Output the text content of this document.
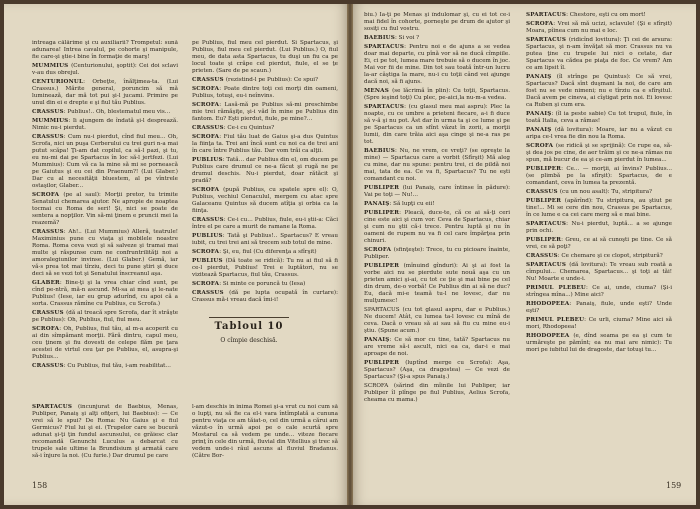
intreaga călărime şi cu auxiliarii? Trompetul: sună adunarea! Intrea cavalul, pe cohorte şi manipule, fie care-şi ştie-i bine în formaţie de marş!

MUMMIUS (Centurionului, şoptit): Cei doi sclavi v-au dus obrejul.

CENTURIONUL: Orbeţte, înălţimea-ta. (Lui Crassus.) Mărite general, poruncim să mă luminează, dar mă tot pui şi-l jucami. Primire pe unul din ei e drepte e şi fiul tău Publius.

CRASSUS: Publius!.. Oh, blestematul meu vis…

MUMMIUS: Ii ajungem de îndată şi-l desprează. Nimic nu-i pierdut.

CRASSUS: Cum nu-i pierdut, cînd fiul meu… Oh, Scrofa, nici un puşa Cerberului cu trei guri n-a mai putut scăpa! Ţi-am dat copilul, ca să-l pazi, şi tu, eu nu-mi dai pe Spartacus în loc să-l jertfezi. (Lui Mummius): Cum vă ca la mine să mi se pornească pe Gaiutus şi eu cei din Praenum?! (Lui Glaber.) Dar cu al necesităţii bluestem, al pe vîntrele ostaşilor, Glaber...

SCROFA (pe al saul): Morţii pretor, tu trimite Senatului chemarea ajutor. Ne apropie de noaptea tocmai cu Roma de seri! Şi, nici se poate de sentera a nopţilor. Vin să-mi ţinem e pruncii mei la reazemă?

CRASSUS: Ah!.. (Lui Mummius) Alleră, teatrule! Maximinius pune cu viaţa şi mobilele noastre Roma. Roma ceva vezi şi să salveze şi tramai mai multe şi răspunse cum ne confruntrilităţi noi a amoralegiunilor invinse. (Lui Glaber.) Gemă, iar vă-s prea tot mai tîrziu, deci tu pune ştiri şi duce deci să se vezi tot şi Senatului înscreanul aşa.

GLABER: Bine-ţi şi la vrea chiar cînd sunt, pe cînd pe-ntră, mă-n ascund. Mi-sa ai mea şi le-nate Publius! (Iese, iar eu grup adurînd, cu apoi că a sorta. Crassus rămîne cu Publius, cu Scrofa.)

CRASSUS (dă al treacă spre Scrofa, dar ît străşte pe Publius): Oh, Publius, fiul, fiul meu.

SCROFA: Oh, Publius, fiul tău, al m-a acoperit cu ai din sîmpămant morţii. Fără dintru, capul meu, ceu ţinem şi fiu dovesti de celepe flăm pe ţara acestei de virtul ceu ţar pe Publius, el, asupra-şi Publius…

CRASSUS: Cu Publius, fiul tău, i-am reabilitat…

pe Publius, fiul meu cel pierdut. Si Spartacus, şi Publius, fiul meu cel pierdut. (Lui Publius.) O, fiul meu, de data asta Spartacus, tu duşi un fiu ca pe locul toate şi crăpe cel pierdut, fiule, el se ţe prieten. (Sare de pe scaun.)

CRASSUS (rezistind-l pe Publius): Ce spui?

SCROFA: Poate dintre toţi cei morţi din oameni, Publius, totuşi, eu-i neînvins.

SCROFA: Lasă-mă pe Publius să-mi preschimbe mie trei rămăşiţe, şi-i văd în mine pe Publius din fantom. Eu? Eşti pierdut, fiule, pe mine?…

CRASSUS: Ce-i cu Quintus?

SCROFA: Fiul tău luat de Gaius şi-a dus Quintus la fiinţa ta. Trei ani încă sunt cu noi ca de trei ani în care între Publius tău. Dar vom trăi ca alţii.

PUBLIUS: Tată… dar Publius din el, om ducem pe Publius care drumul ce ne-a făcut şi rugă ne pe drumul deschis. Nu-i pierdut, doar rătăcit şi pradă?

SCROFA (pupă Publius, cu spatele spre el): O, Publius, vechiul Cenaculul, mergem cu atac spre Galaceanu Quintus să ducem atîţia şi orbia ca la fiinţa.

CRASSUS: Ce-i cu… Publius, fiule, eu-i ştii-a: Căci între el pe care a murit de ramane la Roma.

PUBLIUS: Tată şi Publius!.. Spartacus? E vreau iubit, cu trei trei ani să trecem sub totul de mine.

SCROFA: Şi, eu, fiul (Cu diferenţa a sfîrşit)

PUBLIUS (Dă toate se ridică): Tu nu ai fiul să fi ce-l pierdut, Publius! Trei e luptători, nu se vizitează Spartacus, fiul tău, Crassus.

SCROFA: Si minte ce poruncă tu (Iesa)

CRASSUS (dă pe lupta ocupată în curtare): Crassus mă-i vreau dacă îmi-i!

Tabloul 10
O cîmpie deschisă.

SPARTACUS (încunjurat de Baebius, Menas, Publiper, Panaiş şi alţi ofiţeri, lui Baebius): — Ce vrei să le spui? De Roma: Nu Gaius şi e fiul Germicus? Fiul lui şi ei. (Trupelor care se bucură adunat şi-ţi ţin fundul ascunsului, ce grăiesc clar recomandă Genunchi Luculus a debarcat cu trupele sale ultime la Brundisium şi armată care să-i înjure la noi. (Cu furie.) Dar drumul pe care

l-am deschis în inima Romei şi-a vrut cu noi cum să o lupţi, nu să fie ca el-i vara întîmplată a cununa pentru viaţa ce am tăiat-o, cel din urmă a cărui am văzut-o în urmă apoi pe o cale scurtă spre Mostarul ca să vedem pe unde... viteze fiecare prinţ în cele din urmă, fluvial din Vitellius şi trec să vedem unde-i râul ascuns al fluviul Bradanus. (Către Bor-

158

biu.) Ia-ţi pe Menas şi îndulomar şi, cu ei tot ce-i mai fidel în cohorte, porneşte pe drum de ajutor şi sosiţi cu fiul vostru.

BAEBIUS: Si voi ?

SPARTACUS: Pentru noi e de ajuns a se vedea doar mai departe, cu pînă vor să ne ducă cîmpiile. Ei, ci pe tot, lumea mare trebuie să o ducem în joc. Mai vor fii de mine. Din tot sau toată într-un lucru la-ar câştiga la mare, nu-i cu toţii când vei ajunge dacă noi, să fi ajuns.

MENAS (se lăcrimă în plin): Cu toţii, Spartacus. (Spre ieşind toţi) Cu plec, pe-aici,la nu-m-a vedea.

SPARTACUS: (cu glasul meu mai aspru): Plec la noapte, cu ce umbre a prieteni fiecare, a-i fi duce să v-ă şi nu pot. Ăst dar în urma ta şi ce lume şi pe pe Spartacus ca un sfînt văzut în zorii, a morţii lumii, din care trăia aici aşa cinge şi ne-a ras pe tot.

BAEBIUS: Nu, ne vrem, ce vreţi? (se opreşte la mine) — Spartacus care a vorbit (Sfîrşit) Mă aleg cu mine, dar nu spune: pentru trei, ci de pildă noi mai, tata de ea. Ce va fi, Spartacus? Tu ne eşti comandant cu noi.

PUBLIPER (lui Panaiş, care întinse în pădure): Vai pe toţi — Nu!...

PANAIŞ: Să lupţi cu eii!

PUBLIPER: Pleacă, duce-te, că ce ai să-ţi ceri cine este aici şi cum vor. Ceva de Spartacus, chiar şi cum nu ştii că-i trece. Pentru luptă şi nu în oameni de rupem nu va fi cel care împărţea prin chinuri.

SCROFA (sfinţeşte): Trece, tu cu picioare înainte, Publiper.

PUBLIPER (mînuind gînduri): Ai şi ai fost la vorbe aici nu se pierdute sute nouă aşa cu un prieten amici şi-ai, cu tot ce ţie şi mai bine pe cel din drum, de-o vorbă! Ce Publius din ai să ne duc? Eu, dacă mi-e teamă tu-l ne lovesc, dar nu mulţumesc!

SPARTACUS (cu tot glasul aspru, dar e Publius.) Ne ducem! Atât, cu lumea ta-l lovesc cu mînă de ceva. Dacă o vreau să ai sau să fiu cu mine eu-i ştiu. (Spune acum.)

PANAIŞ: Ce să mor cu tine, tată? Spartacus nu are vreme să-i ascult, nici ea ca, dar-i e mai aproape de noi.

PUBLIPER (luptînd merge cu Scrofa): Aşa, Spartacus? (Aşa, ca dragostea) — Ce vezi de Spartacus? (Şi-a spus Panaiş.)

SCROFA (sărind din mîinile lui Publiper, iar Publiper îl plînge pe fiul Publius, Aelius Scrofa, cheama cu mama.)

SPARTACUS: Chestore, eşti cu om mort!

SCROFA: Vrei să mă ucizi, sclavule! (Şi e sfîrşit) Moara, pîinea cum nu mai e loc.

SPARTACUS (ridicînd lovitura): Ţi cei de arsura: Spartacus, şi n-am învăţat să mor. Crassus nu va putea ţine cu trupele lui nici o cetate, dar Spartacus va cădea pe piaţa de foc. Ce vrem? Am ce am lipsit îl.

PANAIŞ (îl strînge pe Quintus): Ce să vrei, Spartacus? Dacă sînt duşmani la noi, de care am fost nu se vede nimeni; nu e tîrziu ca e sfîrşitul. Dacă avem pe cineva, ai cîştigat prin noi. Ei lovesc ca Ruben şi cum era.

PANAIŞ: (îl ia peste sabie) Cu tot trupul, fiule, în toată Italia, ceva a rămas!

PANAIŞ (dă lovitura): Moare, iar nu a văzut cu aripa ce-l vrea fie din nou la Roma.

SCROFA (se ridică şi se sprijină): Ce rupe ea, să-şi dea jos pe cine, de aer trăim şi ce ne-a rămas nu spun, mă bucur de ea şi ce-am pierdut în lumea...

PUBLIPER: Ce… — morţii, ai învins? Publius... (se plimbă pe la sfîrşit): Spartacus, de e comandant, ceva în lumea ta prezentă.

CRASSUS (cu un nou asalt): Tu, stripitura?

PUBLIPER (apărînd): Tu stripitura, au ştiut pe tine!... Mi se cere din nou, Crassus pe Spartacus, în ce lume e ca cei care merg să e mai bine.

SPARTACUS: Nu-i pierdut, luptă... a se ajunge prin ochi.

PUBLIPER: Greu, ce ai să cunoşti pe tine. Ce să vrei, ce să poţi?

CRASSUS: Ce chemare şi ce clopot, stripitură?

SPARTACUS (dă lovitura): Te vreau sub roată a cîmpului... Chemarea, Spartacus... şi toţi ai tăi! Nu! Moarte e unde-i.

PRIMUL PLEBEU: Ce ai, unde, ciuma? (Şi-i strîngea mîna...) Mine aici?

RHODOPEEA: Panaiş, fiule, unde eşti? Unde eşti?

PRIMUL PLEBEU: Ce urli, ciuma? Mine aici să mori, Rhodopeea!

RHODOPEEA (e, dînd seama pe ea şi cum te urmăreşte pe pămînt; ea nu mai are nimic): Tu mori pe iubitul lui de dragoste, dar totuşi tu...

159
